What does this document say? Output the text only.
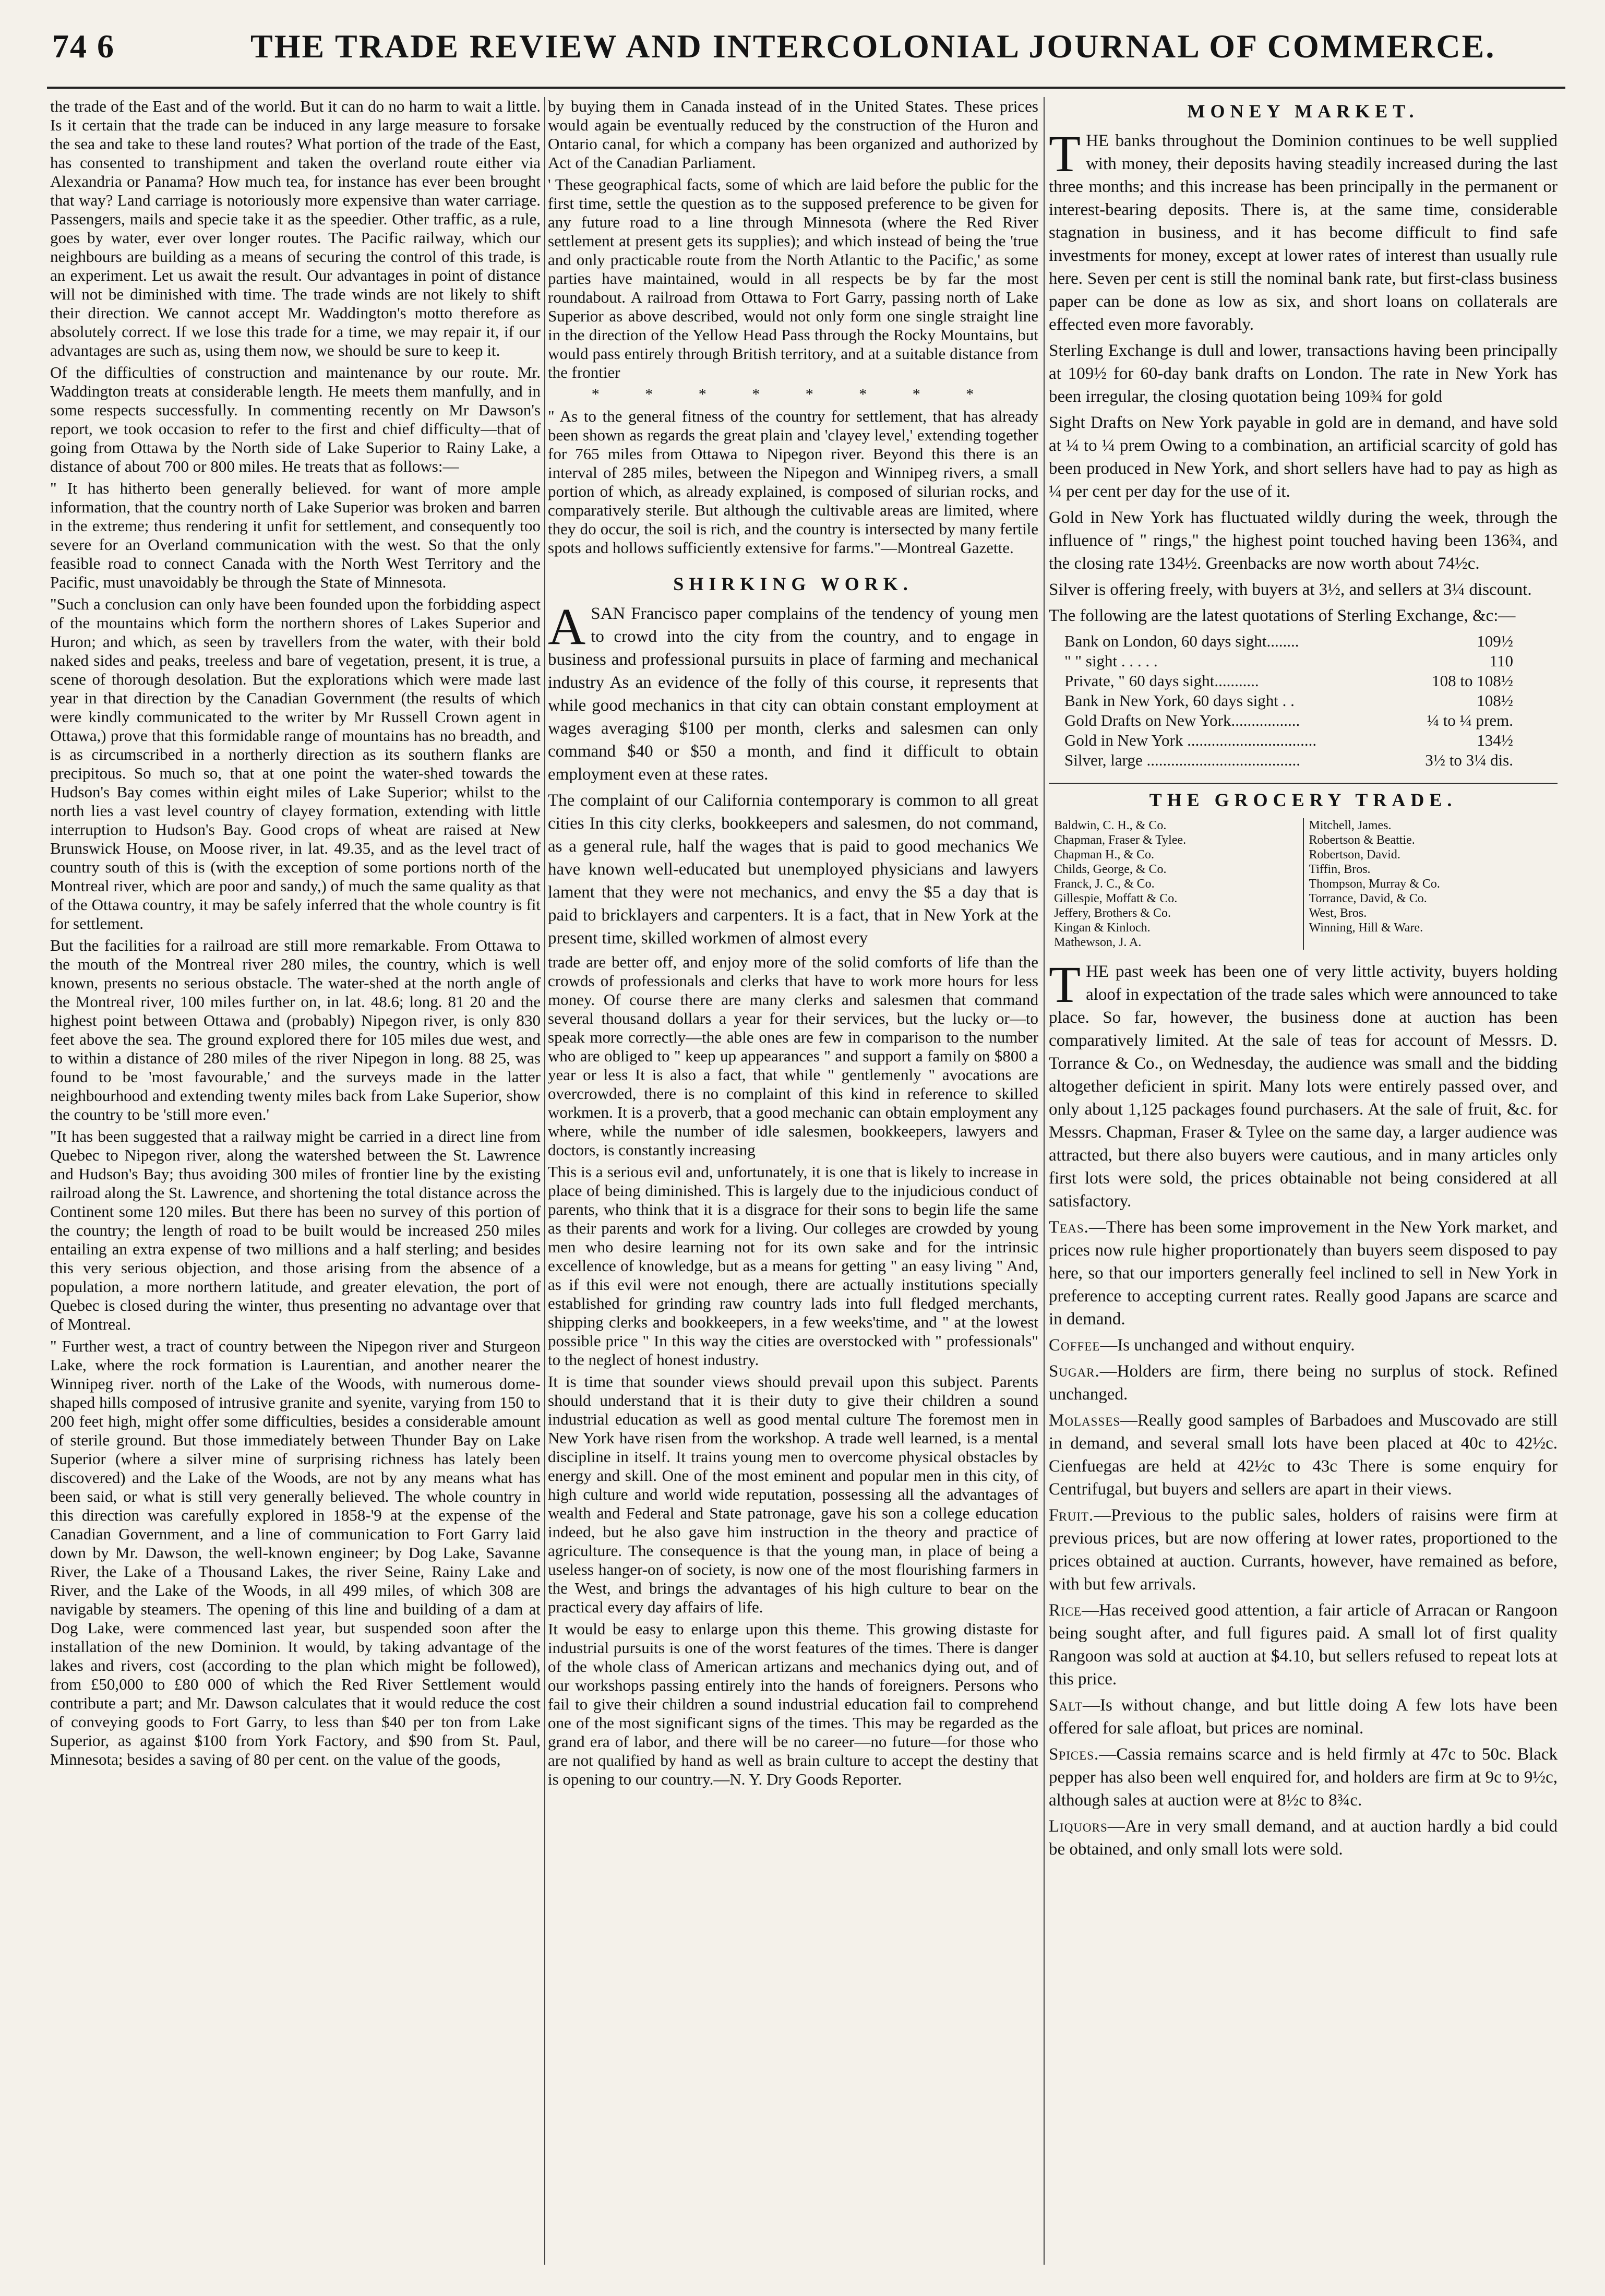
74 6	THE TRADE REVIEW AND INTERCOLONIAL JOURNAL OF COMMERCE.

the trade of the East and of the world. But it can do no harm to wait a little. Is it certain that the trade can be induced in any large measure to forsake the sea and take to these land routes? What portion of the trade of the East, has consented to transhipment and taken the overland route either via Alexandria or Panama? How much tea, for instance has ever been brought that way? Land carriage is notoriously more expensive than water carriage. Passengers, mails and specie take it as the speedier. Other traffic, as a rule, goes by water, ever over longer routes. The Pacific railway, which our neighbours are building as a means of securing the control of this trade, is an experiment. Let us await the result. Our advantages in point of distance will not be diminished with time. The trade winds are not likely to shift their direction. We cannot accept Mr. Waddington's motto therefore as absolutely correct. If we lose this trade for a time, we may repair it, if our advantages are such as, using them now, we should be sure to keep it.

Of the difficulties of construction and maintenance by our route. Mr. Waddington treats at considerable length. He meets them manfully, and in some respects successfully. In commenting recently on Mr Dawson's report, we took occasion to refer to the first and chief difficulty—that of going from Ottawa by the North side of Lake Superior to Rainy Lake, a distance of about 700 or 800 miles. He treats that as follows:—

" It has hitherto been generally believed. for want of more ample information, that the country north of Lake Superior was broken and barren in the extreme; thus rendering it unfit for settlement, and consequently too severe for an Overland communication with the west. So that the only feasible road to connect Canada with the North West Territory and the Pacific, must unavoidably be through the State of Minnesota.

"Such a conclusion can only have been founded upon the forbidding aspect of the mountains which form the northern shores of Lakes Superior and Huron; and which, as seen by travellers from the water, with their bold naked sides and peaks, treeless and bare of vegetation, present, it is true, a scene of thorough desolation. But the explorations which were made last year in that direction by the Canadian Government (the results of which were kindly communicated to the writer by Mr Russell Crown agent in Ottawa,) prove that this formidable range of mountains has no breadth, and is as circumscribed in a northerly direction as its southern flanks are precipitous. So much so, that at one point the water-shed towards the Hudson's Bay comes within eight miles of Lake Superior; whilst to the north lies a vast level country of clayey formation, extending with little interruption to Hudson's Bay. Good crops of wheat are raised at New Brunswick House, on Moose river, in lat. 49.35, and as the level tract of country south of this is (with the exception of some portions north of the Montreal river, which are poor and sandy,) of much the same quality as that of the Ottawa country, it may be safely inferred that the whole country is fit for settlement.

But the facilities for a railroad are still more remarkable. From Ottawa to the mouth of the Montreal river 280 miles, the country, which is well known, presents no serious obstacle. The water-shed at the north angle of the Montreal river, 100 miles further on, in lat. 48.6; long. 81 20 and the highest point between Ottawa and (probably) Nipegon river, is only 830 feet above the sea. The ground explored there for 105 miles due west, and to within a distance of 280 miles of the river Nipegon in long. 88 25, was found to be 'most favourable,' and the surveys made in the latter neighbourhood and extending twenty miles back from Lake Superior, show the country to be 'still more even.'

"It has been suggested that a railway might be carried in a direct line from Quebec to Nipegon river, along the watershed between the St. Lawrence and Hudson's Bay; thus avoiding 300 miles of frontier line by the existing railroad along the St. Lawrence, and shortening the total distance across the Continent some 120 miles. But there has been no survey of this portion of the country; the length of road to be built would be increased 250 miles entailing an extra expense of two millions and a half sterling; and besides this very serious objection, and those arising from the absence of a population, a more northern latitude, and greater elevation, the port of Quebec is closed during the winter, thus presenting no advantage over that of Montreal.

" Further west, a tract of country between the Nipegon river and Sturgeon Lake, where the rock formation is Laurentian, and another nearer the Winnipeg river. north of the Lake of the Woods, with numerous dome-shaped hills composed of intrusive granite and syenite, varying from 150 to 200 feet high, might offer some difficulties, besides a considerable amount of sterile ground. But those immediately between Thunder Bay on Lake Superior (where a silver mine of surprising richness has lately been discovered) and the Lake of the Woods, are not by any means what has been said, or what is still very generally believed. The whole country in this direction was carefully explored in 1858-'9 at the expense of the Canadian Government, and a line of communication to Fort Garry laid down by Mr. Dawson, the well-known engineer; by Dog Lake, Savanne River, the Lake of a Thousand Lakes, the river Seine, Rainy Lake and River, and the Lake of the Woods, in all 499 miles, of which 308 are navigable by steamers. The opening of this line and building of a dam at Dog Lake, were commenced last year, but suspended soon after the installation of the new Dominion. It would, by taking advantage of the lakes and rivers, cost (according to the plan which might be followed), from £50,000 to £80 000 of which the Red River Settlement would contribute a part; and Mr. Dawson calculates that it would reduce the cost of conveying goods to Fort Garry, to less than $40 per ton from Lake Superior, as against $100 from York Factory, and $90 from St. Paul, Minnesota; besides a saving of 80 per cent. on the value of the goods,

by buying them in Canada instead of in the United States. These prices would again be eventually reduced by the construction of the Huron and Ontario canal, for which a company has been organized and authorized by Act of the Canadian Parliament.

' These geographical facts, some of which are laid before the public for the first time, settle the question as to the supposed preference to be given for any future road to a line through Minnesota (where the Red River settlement at present gets its supplies); and which instead of being the 'true and only practicable route from the North Atlantic to the Pacific,' as some parties have maintained, would in all respects be by far the most roundabout. A railroad from Ottawa to Fort Garry, passing north of Lake Superior as above described, would not only form one single straight line in the direction of the Yellow Head Pass through the Rocky Mountains, but would pass entirely through British territory, and at a suitable distance from the frontier

* * * * * * * *

" As to the general fitness of the country for settlement, that has already been shown as regards the great plain and 'clayey level,' extending together for 765 miles from Ottawa to Nipegon river. Beyond this there is an interval of 285 miles, between the Nipegon and Winnipeg rivers, a small portion of which, as already explained, is composed of silurian rocks, and comparatively sterile. But although the cultivable areas are limited, where they do occur, the soil is rich, and the country is intersected by many fertile spots and hollows sufficiently extensive for farms."—Montreal Gazette.

SHIRKING WORK.

ASAN Francisco paper complains of the tendency of young men to crowd into the city from the country, and to engage in business and professional pursuits in place of farming and mechanical industry As an evidence of the folly of this course, it represents that while good mechanics in that city can obtain constant employment at wages averaging $100 per month, clerks and salesmen can only command $40 or $50 a month, and find it difficult to obtain employment even at these rates.

The complaint of our California contemporary is common to all great cities In this city clerks, bookkeepers and salesmen, do not command, as a general rule, half the wages that is paid to good mechanics We have known well-educated but unemployed physicians and lawyers lament that they were not mechanics, and envy the $5 a day that is paid to bricklayers and carpenters. It is a fact, that in New York at the present time, skilled workmen of almost every

trade are better off, and enjoy more of the solid comforts of life than the crowds of professionals and clerks that have to work more hours for less money. Of course there are many clerks and salesmen that command several thousand dollars a year for their services, but the lucky or—to speak more correctly—the able ones are few in comparison to the number who are obliged to " keep up appearances " and support a family on $800 a year or less It is also a fact, that while " gentlemenly " avocations are overcrowded, there is no complaint of this kind in reference to skilled workmen. It is a proverb, that a good mechanic can obtain employment any where, while the number of idle salesmen, bookkeepers, lawyers and doctors, is constantly increasing

This is a serious evil and, unfortunately, it is one that is likely to increase in place of being diminished. This is largely due to the injudicious conduct of parents, who think that it is a disgrace for their sons to begin life the same as their parents and work for a living. Our colleges are crowded by young men who desire learning not for its own sake and for the intrinsic excellence of knowledge, but as a means for getting " an easy living " And, as if this evil were not enough, there are actually institutions specially established for grinding raw country lads into full fledged merchants, shipping clerks and bookkeepers, in a few weeks'time, and " at the lowest possible price " In this way the cities are overstocked with " professionals" to the neglect of honest industry.

It is time that sounder views should prevail upon this subject. Parents should understand that it is their duty to give their children a sound industrial education as well as good mental culture The foremost men in New York have risen from the workshop. A trade well learned, is a mental discipline in itself. It trains young men to overcome physical obstacles by energy and skill. One of the most eminent and popular men in this city, of high culture and world wide reputation, possessing all the advantages of wealth and Federal and State patronage, gave his son a college education indeed, but he also gave him instruction in the theory and practice of agriculture. The consequence is that the young man, in place of being a useless hanger-on of society, is now one of the most flourishing farmers in the West, and brings the advantages of his high culture to bear on the practical every day affairs of life.

It would be easy to enlarge upon this theme. This growing distaste for industrial pursuits is one of the worst features of the times. There is danger of the whole class of American artizans and mechanics dying out, and of our workshops passing entirely into the hands of foreigners. Persons who fail to give their children a sound industrial education fail to comprehend one of the most significant signs of the times. This may be regarded as the grand era of labor, and there will be no career—no future—for those who are not qualified by hand as well as brain culture to accept the destiny that is opening to our country.—N. Y. Dry Goods Reporter.

MONEY MARKET.

THE banks throughout the Dominion continues to be well supplied with money, their deposits having steadily increased during the last three months; and this increase has been principally in the permanent or interest-bearing deposits. There is, at the same time, considerable stagnation in business, and it has become difficult to find safe investments for money, except at lower rates of interest than usually rule here. Seven per cent is still the nominal bank rate, but first-class business paper can be done as low as six, and short loans on collaterals are effected even more favorably.

Sterling Exchange is dull and lower, transactions having been principally at 109½ for 60-day bank drafts on London. The rate in New York has been irregular, the closing quotation being 109¾ for gold

Sight Drafts on New York payable in gold are in demand, and have sold at ¼ to ¼ prem Owing to a combination, an artificial scarcity of gold has been produced in New York, and short sellers have had to pay as high as ¼ per cent per day for the use of it.

Gold in New York has fluctuated wildly during the week, through the influence of " rings," the highest point touched having been 136¾, and the closing rate 134½. Greenbacks are now worth about 74½c.

Silver is offering freely, with buyers at 3½, and sellers at 3¼ discount.

The following are the latest quotations of Sterling Exchange, &c:—

Bank on London, 60 days sight........	109½
" " sight . . . . .	110
Private, " 60 days sight...........	108 to 108½
Bank in New York, 60 days sight . .	108½
Gold Drafts on New York.................	¼ to ¼ prem.
Gold in New York ................................	134½
Silver, large ......................................	3½ to 3¼ dis.
THE GROCERY TRADE.
Baldwin, C. H., & Co.
Chapman, Fraser & Tylee.
Chapman H., & Co.
Childs, George, & Co.
Franck, J. C., & Co.
Gillespie, Moffatt & Co.
Jeffery, Brothers & Co.
Kingan & Kinloch.
Mathewson, J. A.
Mitchell, James.
Robertson & Beattie.
Robertson, David.
Tiffin, Bros.
Thompson, Murray & Co.
Torrance, David, & Co.
West, Bros.
Winning, Hill & Ware.

THE past week has been one of very little activity, buyers holding aloof in expectation of the trade sales which were announced to take place. So far, however, the business done at auction has been comparatively limited. At the sale of teas for account of Messrs. D. Torrance & Co., on Wednesday, the audience was small and the bidding altogether deficient in spirit. Many lots were entirely passed over, and only about 1,125 packages found purchasers. At the sale of fruit, &c. for Messrs. Chapman, Fraser & Tylee on the same day, a larger audience was attracted, but there also buyers were cautious, and in many articles only first lots were sold, the prices obtainable not being considered at all satisfactory.

Teas.—There has been some improvement in the New York market, and prices now rule higher proportionately than buyers seem disposed to pay here, so that our importers generally feel inclined to sell in New York in preference to accepting current rates. Really good Japans are scarce and in demand.

Coffee—Is unchanged and without enquiry.

Sugar.—Holders are firm, there being no surplus of stock. Refined unchanged.

Molasses—Really good samples of Barbadoes and Muscovado are still in demand, and several small lots have been placed at 40c to 42½c. Cienfuegas are held at 42½c to 43c There is some enquiry for Centrifugal, but buyers and sellers are apart in their views.

Fruit.—Previous to the public sales, holders of raisins were firm at previous prices, but are now offering at lower rates, proportioned to the prices obtained at auction. Currants, however, have remained as before, with but few arrivals.

Rice—Has received good attention, a fair article of Arracan or Rangoon being sought after, and full figures paid. A small lot of first quality Rangoon was sold at auction at $4.10, but sellers refused to repeat lots at this price.

Salt—Is without change, and but little doing A few lots have been offered for sale afloat, but prices are nominal.

Spices.—Cassia remains scarce and is held firmly at 47c to 50c. Black pepper has also been well enquired for, and holders are firm at 9c to 9½c, although sales at auction were at 8½c to 8¾c.

Liquors—Are in very small demand, and at auction hardly a bid could be obtained, and only small lots were sold.
